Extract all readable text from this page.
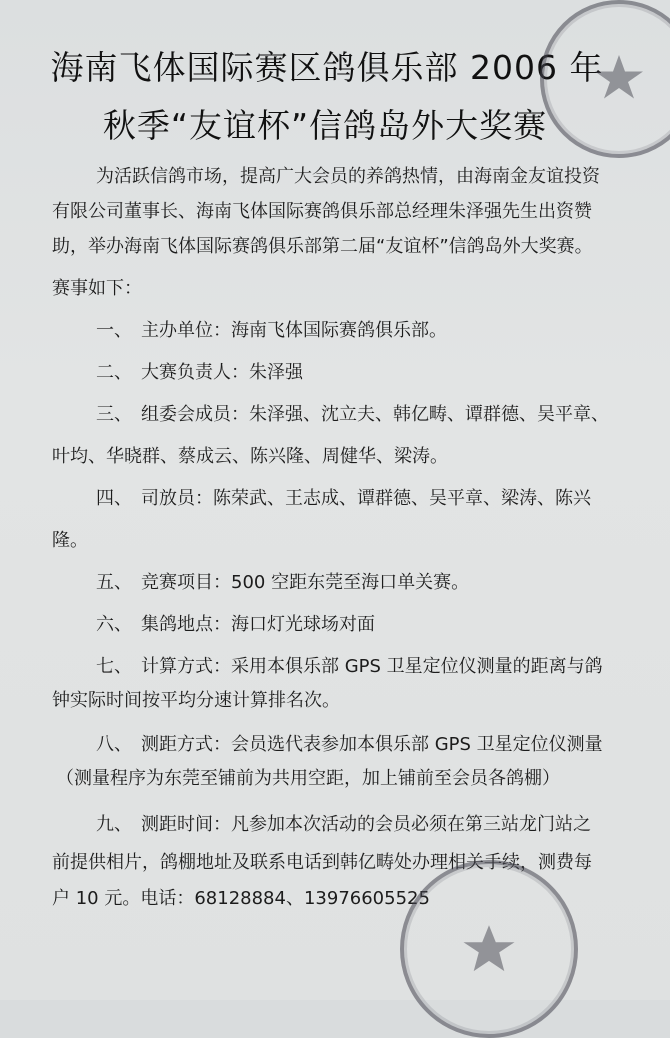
海南飞体国际赛区鸽俱乐部 2006 年
秋季“友谊杯”信鸽岛外大奖赛
为活跃信鸽市场，提高广大会员的养鸽热情，由海南金友谊投资
有限公司董事长、海南飞体国际赛鸽俱乐部总经理朱泽强先生出资赞
助，举办海南飞体国际赛鸽俱乐部第二届“友谊杯”信鸽岛外大奖赛。
赛事如下：
一、　主办单位：海南飞体国际赛鸽俱乐部。
二、　大赛负责人：朱泽强
三、　组委会成员：朱泽强、沈立夫、韩亿畴、谭群德、吴平章、
叶均、华晓群、蔡成云、陈兴隆、周健华、梁涛。
四、　司放员：陈荣武、王志成、谭群德、吴平章、梁涛、陈兴
隆。
五、　竞赛项目：500 空距东莞至海口单关赛。
六、　集鸽地点：海口灯光球场对面
七、　计算方式：采用本俱乐部 GPS 卫星定位仪测量的距离与鸽
钟实际时间按平均分速计算排名次。
八、　测距方式：会员选代表参加本俱乐部 GPS 卫星定位仪测量
（测量程序为东莞至铺前为共用空距，加上铺前至会员各鸽棚）
九、　测距时间：凡参加本次活动的会员必须在第三站龙门站之
前提供相片，鸽棚地址及联系电话到韩亿畴处办理相关手续，测费每
户 10 元。电话：68128884、13976605525
